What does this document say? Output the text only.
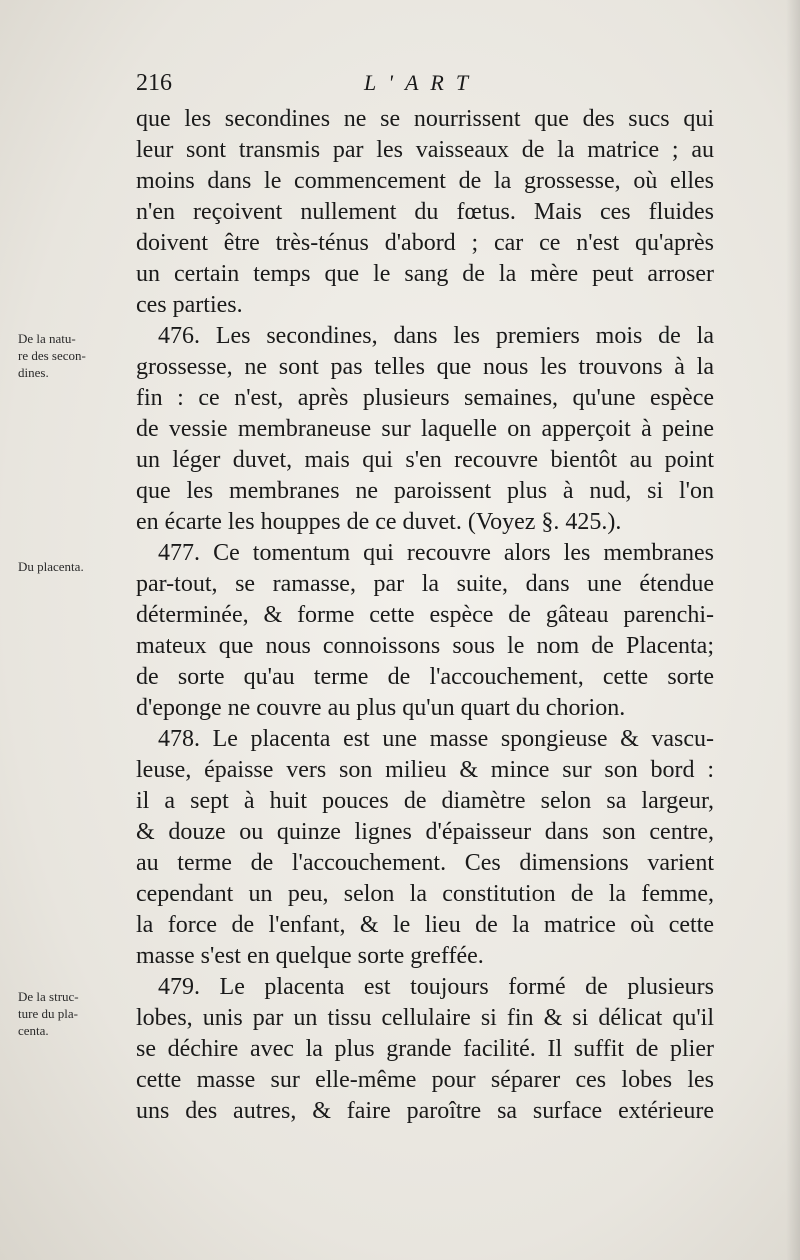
216	L'ART
De la natu-
re des secon-
dines.
Du placenta.
De la struc-
ture du pla-
centa.
que les secondines ne se nourrissent que des sucs qui
leur sont transmis par les vaisseaux de la matrice ; au
moins dans le commencement de la grossesse, où elles
n'en reçoivent nullement du fœtus. Mais ces fluides
doivent être très-ténus d'abord ; car ce n'est qu'après
un certain temps que le sang de la mère peut arroser
ces parties.
476. Les secondines, dans les premiers mois de la
grossesse, ne sont pas telles que nous les trouvons à la
fin : ce n'est, après plusieurs semaines, qu'une espèce
de vessie membraneuse sur laquelle on apperçoit à peine
un léger duvet, mais qui s'en recouvre bientôt au point
que les membranes ne paroissent plus à nud, si l'on
en écarte les houppes de ce duvet. (Voyez §. 425.).
477. Ce tomentum qui recouvre alors les membranes
par-tout, se ramasse, par la suite, dans une étendue
déterminée, & forme cette espèce de gâteau parenchi-
mateux que nous connoissons sous le nom de Placenta;
de sorte qu'au terme de l'accouchement, cette sorte
d'eponge ne couvre au plus qu'un quart du chorion.
478. Le placenta est une masse spongieuse & vascu-
leuse, épaisse vers son milieu & mince sur son bord :
il a sept à huit pouces de diamètre selon sa largeur,
& douze ou quinze lignes d'épaisseur dans son centre,
au terme de l'accouchement. Ces dimensions varient
cependant un peu, selon la constitution de la femme,
la force de l'enfant, & le lieu de la matrice où cette
masse s'est en quelque sorte greffée.
479. Le placenta est toujours formé de plusieurs
lobes, unis par un tissu cellulaire si fin & si délicat qu'il
se déchire avec la plus grande facilité. Il suffit de plier
cette masse sur elle-même pour séparer ces lobes les
uns des autres, & faire paroître sa surface extérieure
